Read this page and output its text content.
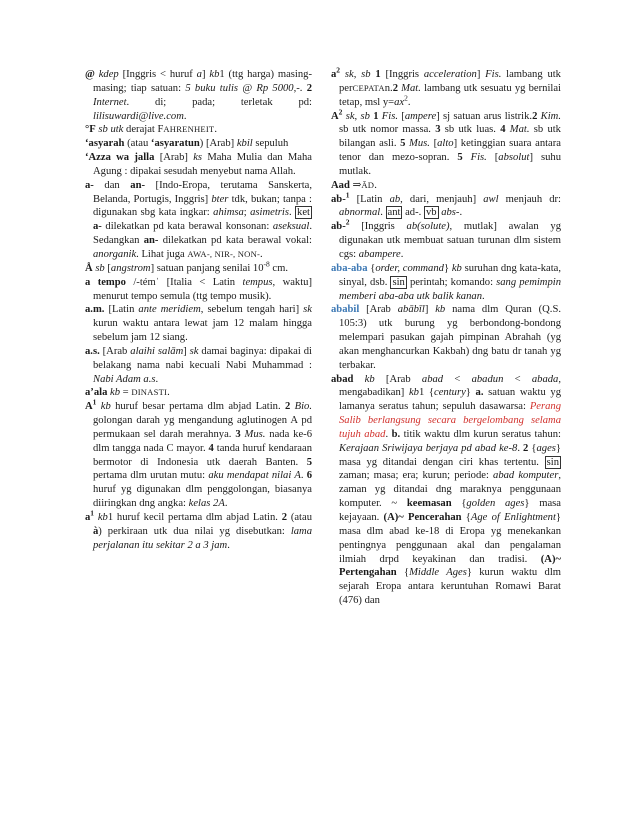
@ kdep [Inggris < huruf a] kb1 (ttg harga) masing-masing; tiap satuan: 5 buku tulis @ Rp 5000,-. 2 Internet. di; pada; terletak pd: lilisuwardi@live.com.

°F sb utk derajat FAHRENHEIT.

‘asyarah (atau ‘asyaratun) [Arab] kbil sepuluh

‘Azza wa jalla [Arab] ks Maha Mulia dan Maha Agung : dipakai sesudah menyebut nama Allah.

a- dan an- [Indo-Eropa, terutama Sanskerta, Belanda, Portugis, Inggris] bter tdk, bukan; tanpa : digunakan sbg kata ingkar: ahimsa; asimetris. ket a- dilekatkan pd kata berawal konsonan: aseksual. Sedangkan an- dilekatkan pd kata berawal vokal: anorganik. Lihat juga AWA-, NIR-, NON-.

Å sb [angstrom] satuan panjang senilai $10^{-8}$ cm.

a tempo /-témˈ [Italia < Latin tempus, waktu] menurut tempo semula (ttg tempo musik).

a.m. [Latin ante meridiem, sebelum tengah hari] sk kurun waktu antara lewat jam 12 malam hingga sebelum jam 12 siang.

a.s. [Arab alaihi salām] sk damai baginya: dipakai di belakang nama nabi kecuali Nabi Muhammad : Nabi Adam a.s.

a’ala kb = DINASTI.

$A^1$ kb huruf besar pertama dlm abjad Latin. 2 Bio. golongan darah yg mengandung aglutinogen A pd permukaan sel darah merahnya. 3 Mus. nada ke-6 dlm tangga nada C mayor. 4 tanda huruf kendaraan bermotor di Indonesia utk daerah Banten. 5 pertama dlm urutan mutu: aku mendapat nilai A. 6 huruf yg digunakan dlm penggolongan, biasanya diiringkan dng angka: kelas 2A.

$a^1$ kb1 huruf kecil pertama dlm abjad Latin. 2 (atau à) perkiraan utk dua nilai yg disebutkan: lama perjalanan itu sekitar 2 a 3 jam.

$a^2$ sk, sb 1 [Inggris acceleration] Fis. lambang utk perCEPATAn.2 Mat. lambang utk sesuatu yg bernilai tetap, msl $y=ax^2$.

$A^2$ sk, sb 1 Fis. [ampere] sj satuan arus listrik.2 Kim. sb utk nomor massa. 3 sb utk luas. 4 Mat. sb utk bilangan asli. 5 Mus. [alto] ketinggian suara antara tenor dan mezo-sopran. 5 Fis. [absolut] suhu mutlak.

Aad ⇒ĀD.

ab-$^1$ [Latin ab, dari, menjauh] awl menjauh dr: abnormal. ant ad-. vb abs-.

ab-$^2$ [Inggris ab(solute), mutlak] awalan yg digunakan utk membuat satuan turunan dlm sistem cgs: abampere.

aba-aba {order, command} kb suruhan dng kata-kata, sinyal, dsb. sin perintah; komando: sang pemimpin memberi aba-aba utk balik kanan.

ababil [Arab abābīl] kb nama dlm Quran (Q.S. 105:3) utk burung yg berbondong-bondong melempari pasukan gajah pimpinan Abrahah (yg akan menghancurkan Kakbah) dng batu dr tanah yg terbakar.

abad kb [Arab abad < abadun < abada, mengabadikan] kb1 {century} a. satuan waktu yg lamanya seratus tahun; sepuluh dasawarsa: Perang Salib berlangsung secara bergelombang selama tujuh abad. b. titik waktu dlm kurun seratus tahun: Kerajaan Sriwijaya berjaya pd abad ke-8. 2 {ages} masa yg ditandai dengan ciri khas tertentu. sin zaman; masa; era; kurun; periode: abad komputer, zaman yg ditandai dng maraknya penggunaan komputer. ~ keemasan {golden ages} masa kejayaan. (A)~ Pencerahan {Age of Enlightment} masa dlm abad ke-18 di Eropa yg menekankan pentingnya penggunaan akal dan pengalaman ilmiah drpd keyakinan dan tradisi. (A)~ Pertengahan {Middle Ages} kurun waktu dlm sejarah Eropa antara keruntuhan Romawi Barat (476) dan
